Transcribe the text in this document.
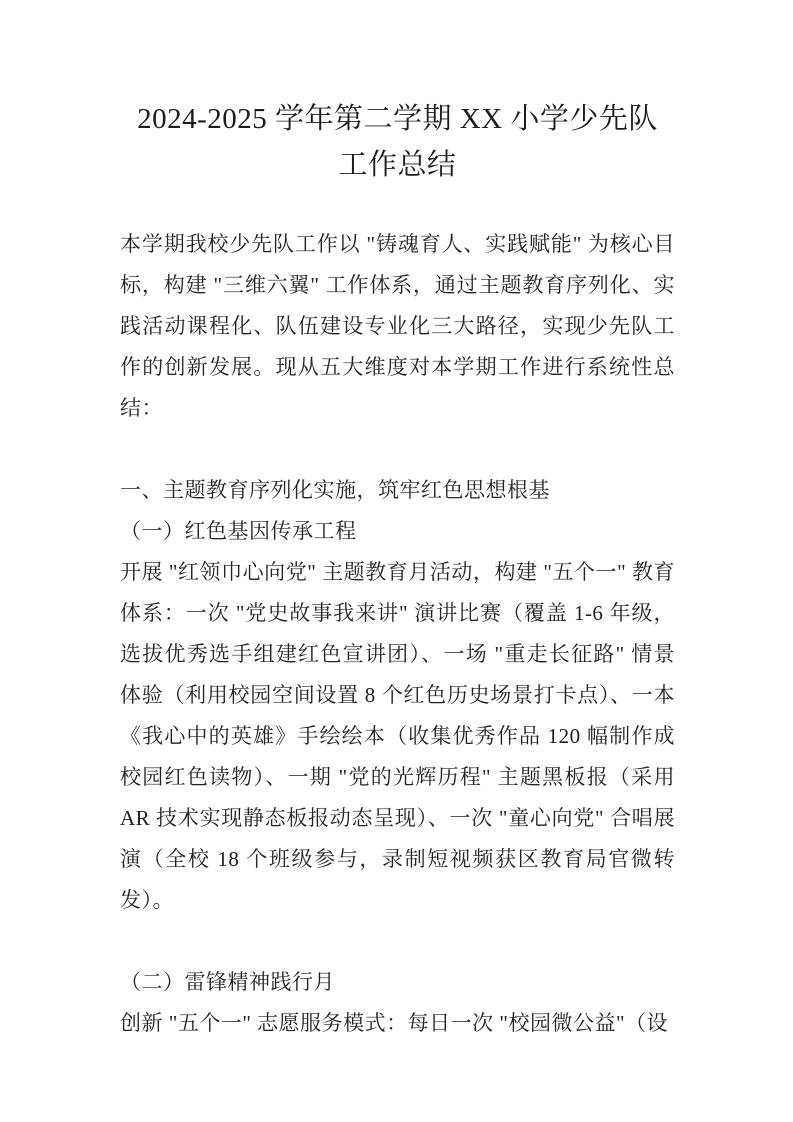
2024-2025 学年第二学期 XX 小学少先队工作总结
本学期我校少先队工作以 "铸魂育人、实践赋能" 为核心目标，构建 "三维六翼" 工作体系，通过主题教育序列化、实践活动课程化、队伍建设专业化三大路径，实现少先队工作的创新发展。现从五大维度对本学期工作进行系统性总结：
一、主题教育序列化实施，筑牢红色思想根基
（一）红色基因传承工程
开展 "红领巾心向党" 主题教育月活动，构建 "五个一" 教育体系：一次 "党史故事我来讲" 演讲比赛（覆盖 1-6 年级，选拔优秀选手组建红色宣讲团）、一场 "重走长征路" 情景体验（利用校园空间设置 8 个红色历史场景打卡点）、一本《我心中的英雄》手绘绘本（收集优秀作品 120 幅制作成校园红色读物）、一期 "党的光辉历程" 主题黑板报（采用 AR 技术实现静态板报动态呈现）、一次 "童心向党" 合唱展演（全校 18 个班级参与，录制短视频获区教育局官微转发）。
（二）雷锋精神践行月
创新 "五个一" 志愿服务模式：每日一次 "校园微公益"（设
